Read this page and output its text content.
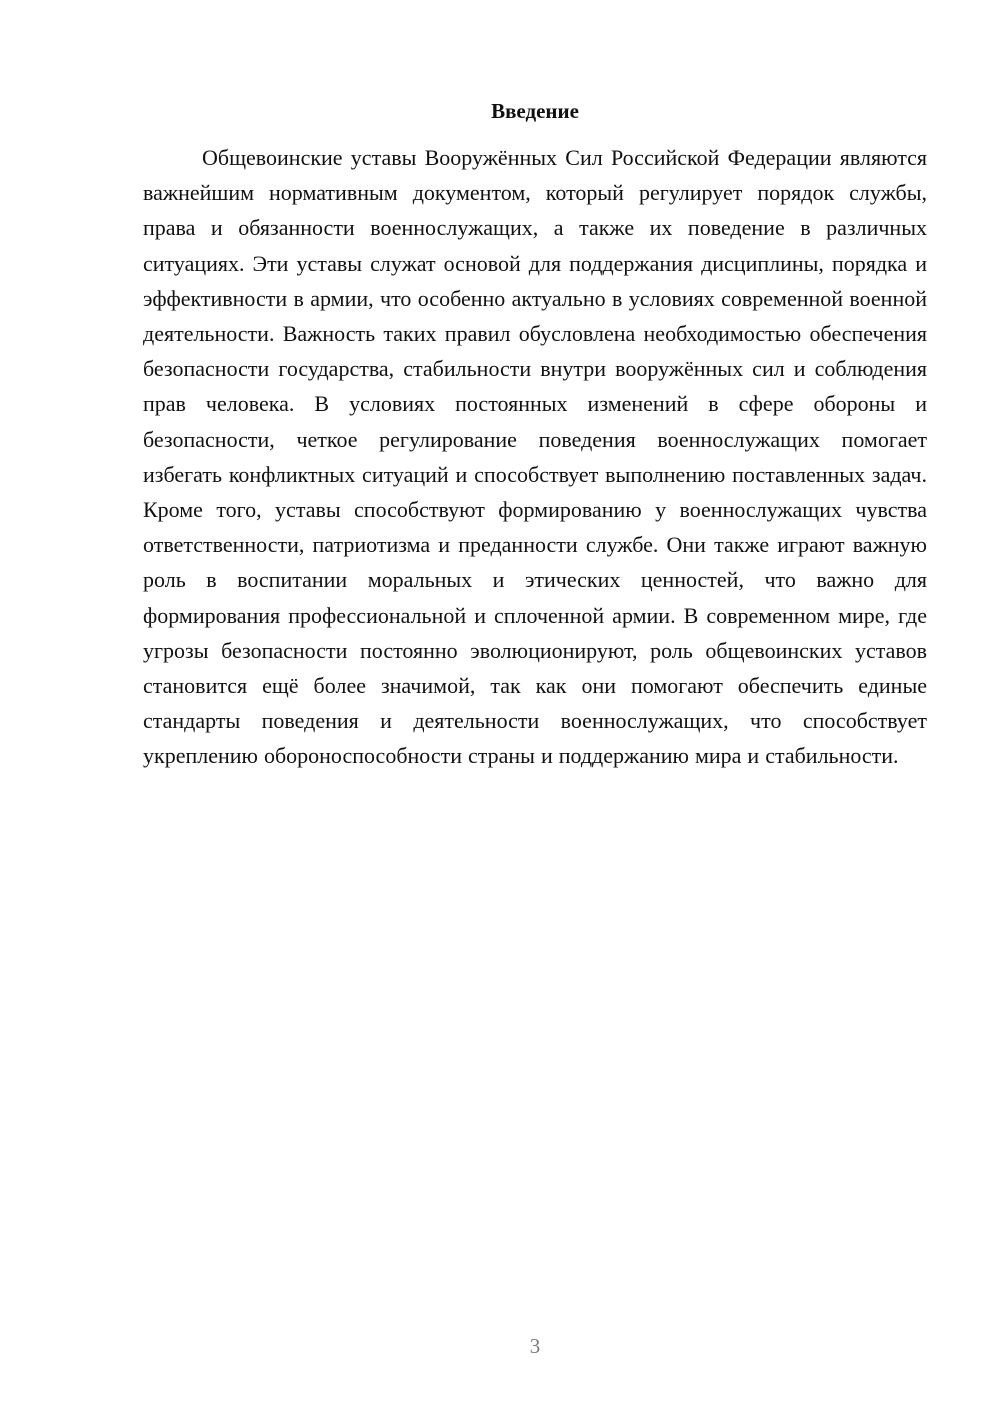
Введение

Общевоинские уставы Вооружённых Сил Российской Федерации являются важнейшим нормативным документом, который регулирует порядок службы, права и обязанности военнослужащих, а также их поведение в различных ситуациях. Эти уставы служат основой для поддержания дисциплины, порядка и эффективности в армии, что особенно актуально в условиях современной военной деятельности. Важность таких правил обусловлена необходимостью обеспечения безопасности государства, стабильности внутри вооружённых сил и соблюдения прав человека. В условиях постоянных изменений в сфере обороны и безопасности, четкое регулирование поведения военнослужащих помогает избегать конфликтных ситуаций и способствует выполнению поставленных задач. Кроме того, уставы способствуют формированию у военнослужащих чувства ответственности, патриотизма и преданности службе. Они также играют важную роль в воспитании моральных и этических ценностей, что важно для формирования профессиональной и сплоченной армии. В современном мире, где угрозы безопасности постоянно эволюционируют, роль общевоинских уставов становится ещё более значимой, так как они помогают обеспечить единые стандарты поведения и деятельности военнослужащих, что способствует укреплению обороноспособности страны и поддержанию мира и стабильности.

3
